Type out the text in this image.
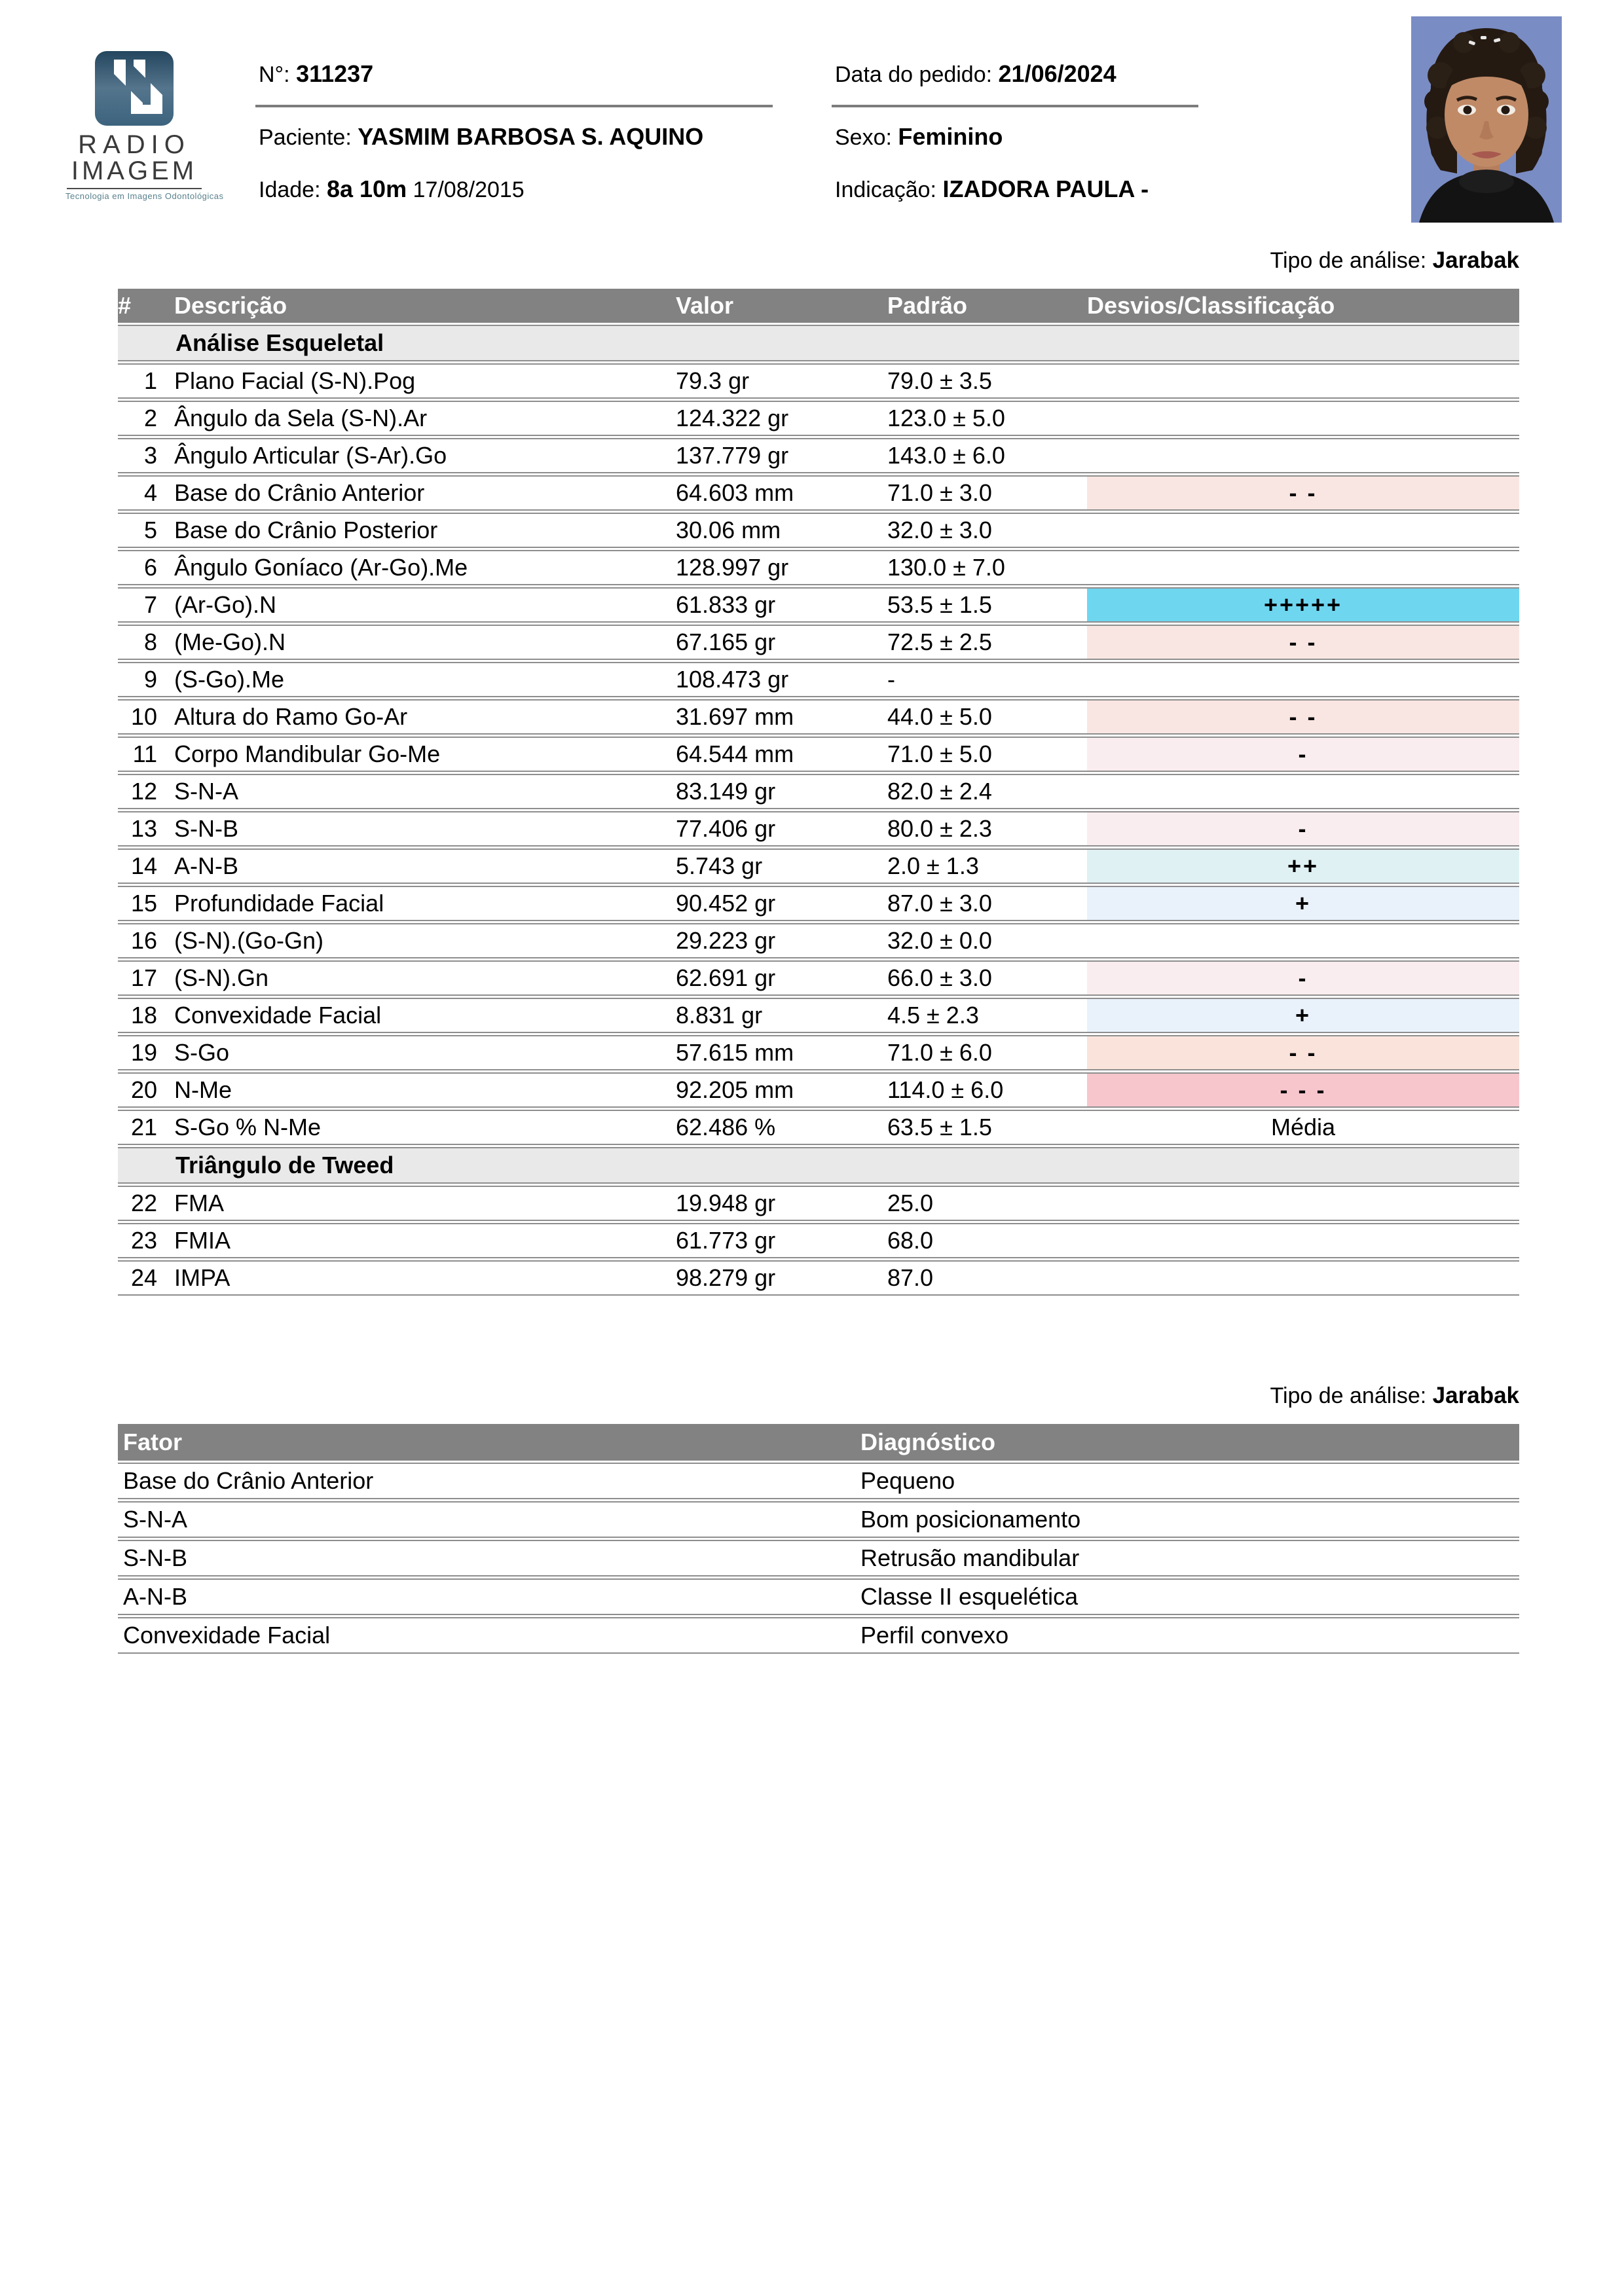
RADIO
IMAGEM
Tecnologia em Imagens Odontológicas
N°: 311237	Data do pedido: 21/06/2024
Paciente: YASMIM BARBOSA S. AQUINO	Sexo: Feminino
Idade: 8a 10m 17/08/2015	Indicação: IZADORA PAULA -
Tipo de análise: Jarabak
Tipo de análise: Jarabak
#	Descrição	Valor	Padrão	Desvios/Classificação
Análise Esqueletal				
1	Plano Facial (S-N).Pog	79.3 gr	79.0 ± 3.5	
2	Ângulo da Sela (S-N).Ar	124.322 gr	123.0 ± 5.0	
3	Ângulo Articular (S-Ar).Go	137.779 gr	143.0 ± 6.0	
4	Base do Crânio Anterior	64.603 mm	71.0 ± 3.0	- -
5	Base do Crânio Posterior	30.06 mm	32.0 ± 3.0	
6	Ângulo Goníaco (Ar-Go).Me	128.997 gr	130.0 ± 7.0	
7	(Ar-Go).N	61.833 gr	53.5 ± 1.5	+++++
8	(Me-Go).N	67.165 gr	72.5 ± 2.5	- -
9	(S-Go).Me	108.473 gr	-	
10	Altura do Ramo Go-Ar	31.697 mm	44.0 ± 5.0	- -
11	Corpo Mandibular Go-Me	64.544 mm	71.0 ± 5.0	-
12	S-N-A	83.149 gr	82.0 ± 2.4	
13	S-N-B	77.406 gr	80.0 ± 2.3	-
14	A-N-B	5.743 gr	2.0 ± 1.3	++
15	Profundidade Facial	90.452 gr	87.0 ± 3.0	+
16	(S-N).(Go-Gn)	29.223 gr	32.0 ± 0.0	
17	(S-N).Gn	62.691 gr	66.0 ± 3.0	-
18	Convexidade Facial	8.831 gr	4.5 ± 2.3	+
19	S-Go	57.615 mm	71.0 ± 6.0	- -
20	N-Me	92.205 mm	114.0 ± 6.0	- - -
21	S-Go % N-Me	62.486 %	63.5 ± 1.5	Média
Triângulo de Tweed				
22	FMA	19.948 gr	25.0	
23	FMIA	61.773 gr	68.0	
24	IMPA	98.279 gr	87.0	
Fator	Diagnóstico
Base do Crânio Anterior	Pequeno
S-N-A	Bom posicionamento
S-N-B	Retrusão mandibular
A-N-B	Classe II esquelética
Convexidade Facial	Perfil convexo
